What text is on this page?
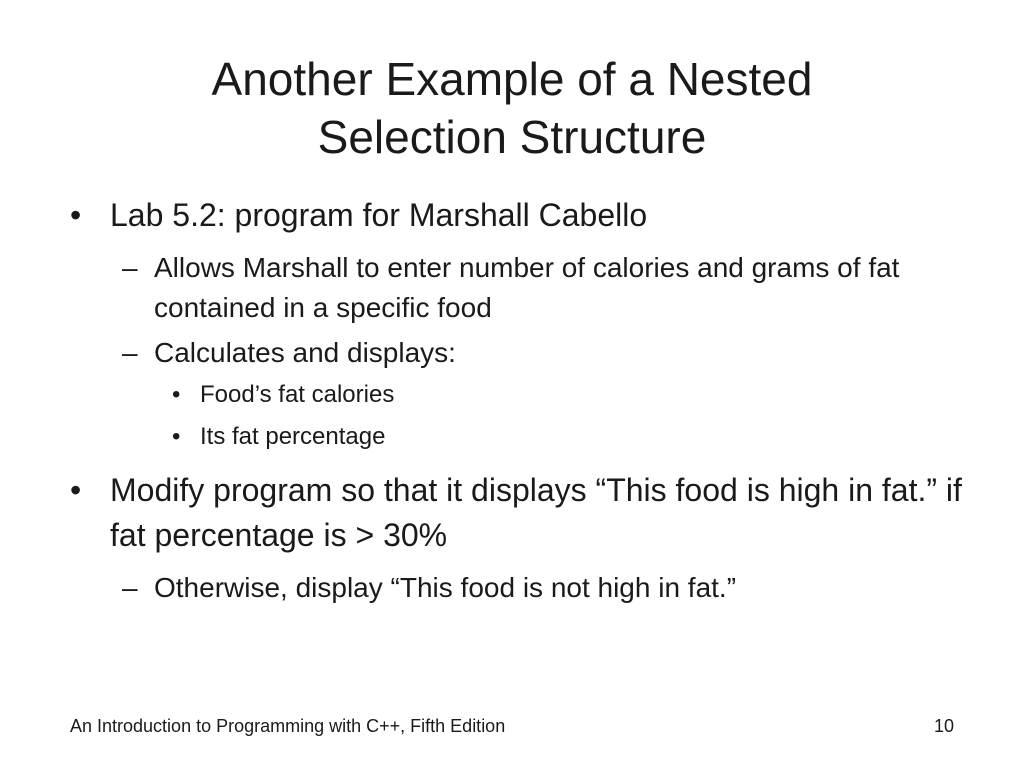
Another Example of a Nested
Selection Structure
• Lab 5.2: program for Marshall Cabello
– Allows Marshall to enter number of calories and grams of fat contained in a specific food
– Calculates and displays:
• Food’s fat calories
• Its fat percentage
• Modify program so that it displays “This food is high in fat.” if fat percentage is > 30%
– Otherwise, display “This food is not high in fat.”
An Introduction to Programming with C++, Fifth Edition	10
